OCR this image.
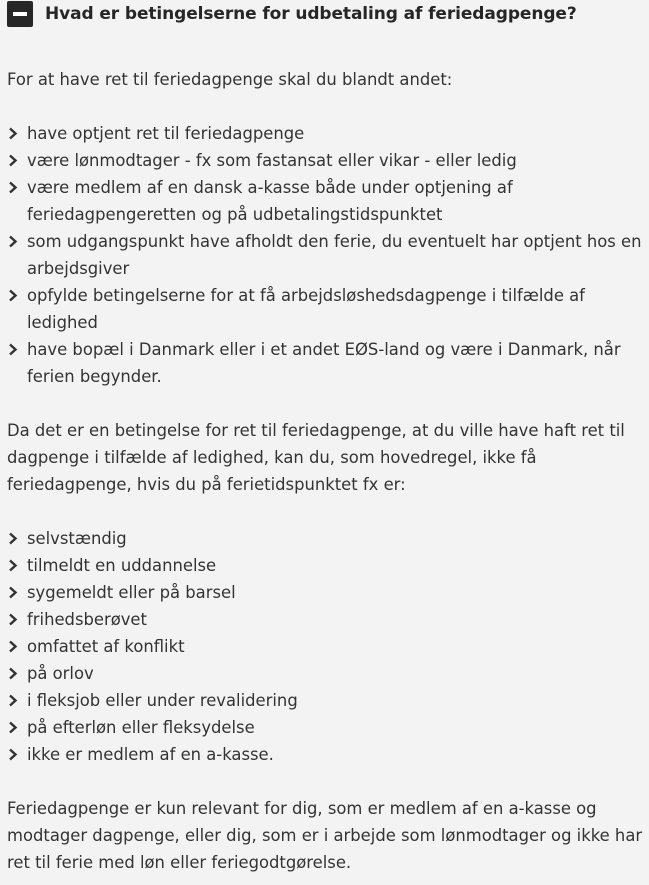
Hvad er betingelserne for udbetaling af feriedagpenge?

For at have ret til feriedagpenge skal du blandt andet:

have optjent ret til feriedagpenge
være lønmodtager - fx som fastansat eller vikar - eller ledig
være medlem af en dansk a-kasse både under optjening af feriedagpengeretten og på udbetalingstidspunktet
som udgangspunkt have afholdt den ferie, du eventuelt har optjent hos en arbejdsgiver
opfylde betingelserne for at få arbejdsløshedsdagpenge i tilfælde af ledighed
have bopæl i Danmark eller i et andet EØS-land og være i Danmark, når ferien begynder.

Da det er en betingelse for ret til feriedagpenge, at du ville have haft ret til dagpenge i tilfælde af ledighed, kan du, som hovedregel, ikke få feriedagpenge, hvis du på ferietidspunktet fx er:

selvstændig
tilmeldt en uddannelse
sygemeldt eller på barsel
frihedsberøvet
omfattet af konflikt
på orlov
i fleksjob eller under revalidering
på efterløn eller fleksydelse
ikke er medlem af en a-kasse.

Feriedagpenge er kun relevant for dig, som er medlem af en a-kasse og modtager dagpenge, eller dig, som er i arbejde som lønmodtager og ikke har ret til ferie med løn eller feriegodtgørelse.
